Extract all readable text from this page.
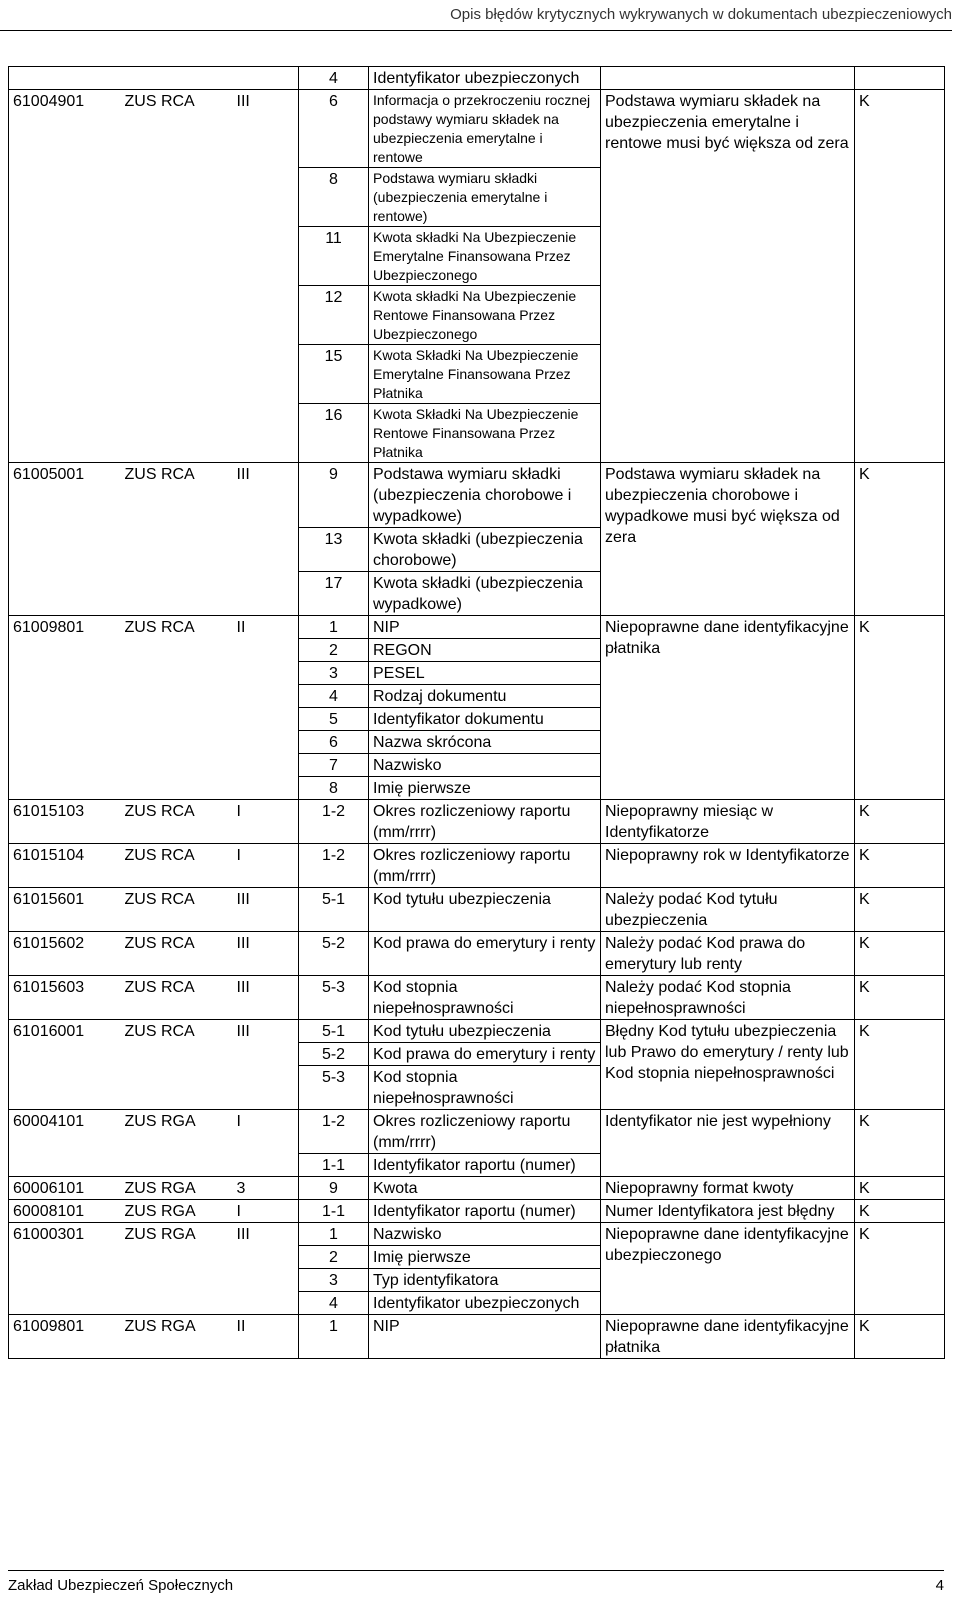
Opis błędów krytycznych wykrywanych w dokumentach ubezpieczeniowych
			4	Identyfikator ubezpieczonych		
61004901	ZUS RCA	III	6	Informacja o przekroczeniu rocznej podstawy wymiaru składek na ubezpieczenia emerytalne i rentowe	Podstawa wymiaru składek na ubezpieczenia emerytalne i rentowe musi być większa od zera	K
			8	Podstawa wymiaru składki (ubezpieczenia emerytalne i rentowe)		
			11	Kwota składki Na Ubezpieczenie Emerytalne Finansowana Przez Ubezpieczonego		
			12	Kwota składki Na Ubezpieczenie Rentowe Finansowana Przez Ubezpieczonego		
			15	Kwota Składki Na Ubezpieczenie Emerytalne Finansowana Przez Płatnika		
			16	Kwota Składki Na Ubezpieczenie Rentowe Finansowana Przez Płatnika		
61005001	ZUS RCA	III	9	Podstawa wymiaru składki (ubezpieczenia chorobowe i wypadkowe)	Podstawa wymiaru składek na ubezpieczenia chorobowe i wypadkowe musi być większa od zera	K
			13	Kwota składki (ubezpieczenia chorobowe)		
			17	Kwota składki (ubezpieczenia wypadkowe)		
61009801	ZUS RCA	II	1	NIP	Niepoprawne dane identyfikacyjne płatnika	K
			2	REGON		
			3	PESEL		
			4	Rodzaj dokumentu		
			5	Identyfikator dokumentu		
			6	Nazwa skrócona		
			7	Nazwisko		
			8	Imię pierwsze		
61015103	ZUS RCA	I	1-2	Okres rozliczeniowy raportu (mm/rrrr)	Niepoprawny miesiąc w Identyfikatorze	K
61015104	ZUS RCA	I	1-2	Okres rozliczeniowy raportu (mm/rrrr)	Niepoprawny rok w Identyfikatorze	K
61015601	ZUS RCA	III	5-1	Kod tytułu ubezpieczenia	Należy podać Kod tytułu ubezpieczenia	K
61015602	ZUS RCA	III	5-2	Kod prawa do emerytury i renty	Należy podać Kod prawa do emerytury lub renty	K
61015603	ZUS RCA	III	5-3	Kod stopnia niepełnosprawności	Należy podać Kod stopnia niepełnosprawności	K
61016001	ZUS RCA	III	5-1	Kod tytułu ubezpieczenia	Błędny Kod tytułu ubezpieczenia lub Prawo do emerytury / renty lub Kod stopnia niepełnosprawności	K
			5-2	Kod prawa do emerytury i renty		
			5-3	Kod stopnia niepełnosprawności		
60004101	ZUS RGA	I	1-2	Okres rozliczeniowy raportu (mm/rrrr)	Identyfikator nie jest wypełniony	K
			1-1	Identyfikator raportu (numer)		
60006101	ZUS RGA	3	9	Kwota	Niepoprawny format kwoty	K
60008101	ZUS RGA	I	1-1	Identyfikator raportu (numer)	Numer Identyfikatora jest błędny	K
61000301	ZUS RGA	III	1	Nazwisko	Niepoprawne dane identyfikacyjne ubezpieczonego	K
			2	Imię pierwsze		
			3	Typ identyfikatora		
			4	Identyfikator ubezpieczonych		
61009801	ZUS RGA	II	1	NIP	Niepoprawne dane identyfikacyjne płatnika	K
Zakład Ubezpieczeń Społecznych	4
